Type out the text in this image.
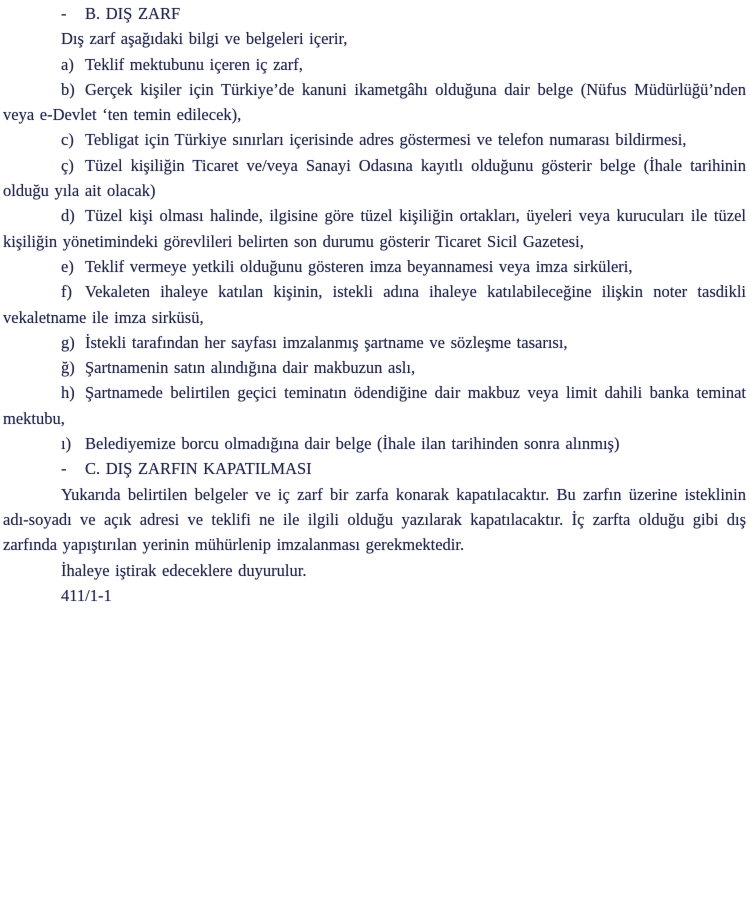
- B. DIŞ ZARF

Dış zarf aşağıdaki bilgi ve belgeleri içerir,

a) Teklif mektubunu içeren iç zarf,

b) Gerçek kişiler için Türkiye’de kanuni ikametgâhı olduğuna dair belge (Nüfus Müdürlüğü’nden veya e-Devlet ‘ten temin edilecek),

c) Tebligat için Türkiye sınırları içerisinde adres göstermesi ve telefon numarası bildirmesi,

ç) Tüzel kişiliğin Ticaret ve/veya Sanayi Odasına kayıtlı olduğunu gösterir belge (İhale tarihinin olduğu yıla ait olacak)

d) Tüzel kişi olması halinde, ilgisine göre tüzel kişiliğin ortakları, üyeleri veya kurucuları ile tüzel kişiliğin yönetimindeki görevlileri belirten son durumu gösterir Ticaret Sicil Gazetesi,

e) Teklif vermeye yetkili olduğunu gösteren imza beyannamesi veya imza sirküleri,

f) Vekaleten ihaleye katılan kişinin, istekli adına ihaleye katılabileceğine ilişkin noter tasdikli vekaletname ile imza sirküsü,

g) İstekli tarafından her sayfası imzalanmış şartname ve sözleşme tasarısı,

ğ) Şartnamenin satın alındığına dair makbuzun aslı,

h) Şartnamede belirtilen geçici teminatın ödendiğine dair makbuz veya limit dahili banka teminat mektubu,

ı) Belediyemize borcu olmadığına dair belge (İhale ilan tarihinden sonra alınmış)

- C. DIŞ ZARFIN KAPATILMASI

Yukarıda belirtilen belgeler ve iç zarf bir zarfa konarak kapatılacaktır. Bu zarfın üzerine isteklinin adı-soyadı ve açık adresi ve teklifi ne ile ilgili olduğu yazılarak kapatılacaktır. İç zarfta olduğu gibi dış zarfında yapıştırılan yerinin mühürlenip imzalanması gerekmektedir.

İhaleye iştirak edeceklere duyurulur.

411/1-1
